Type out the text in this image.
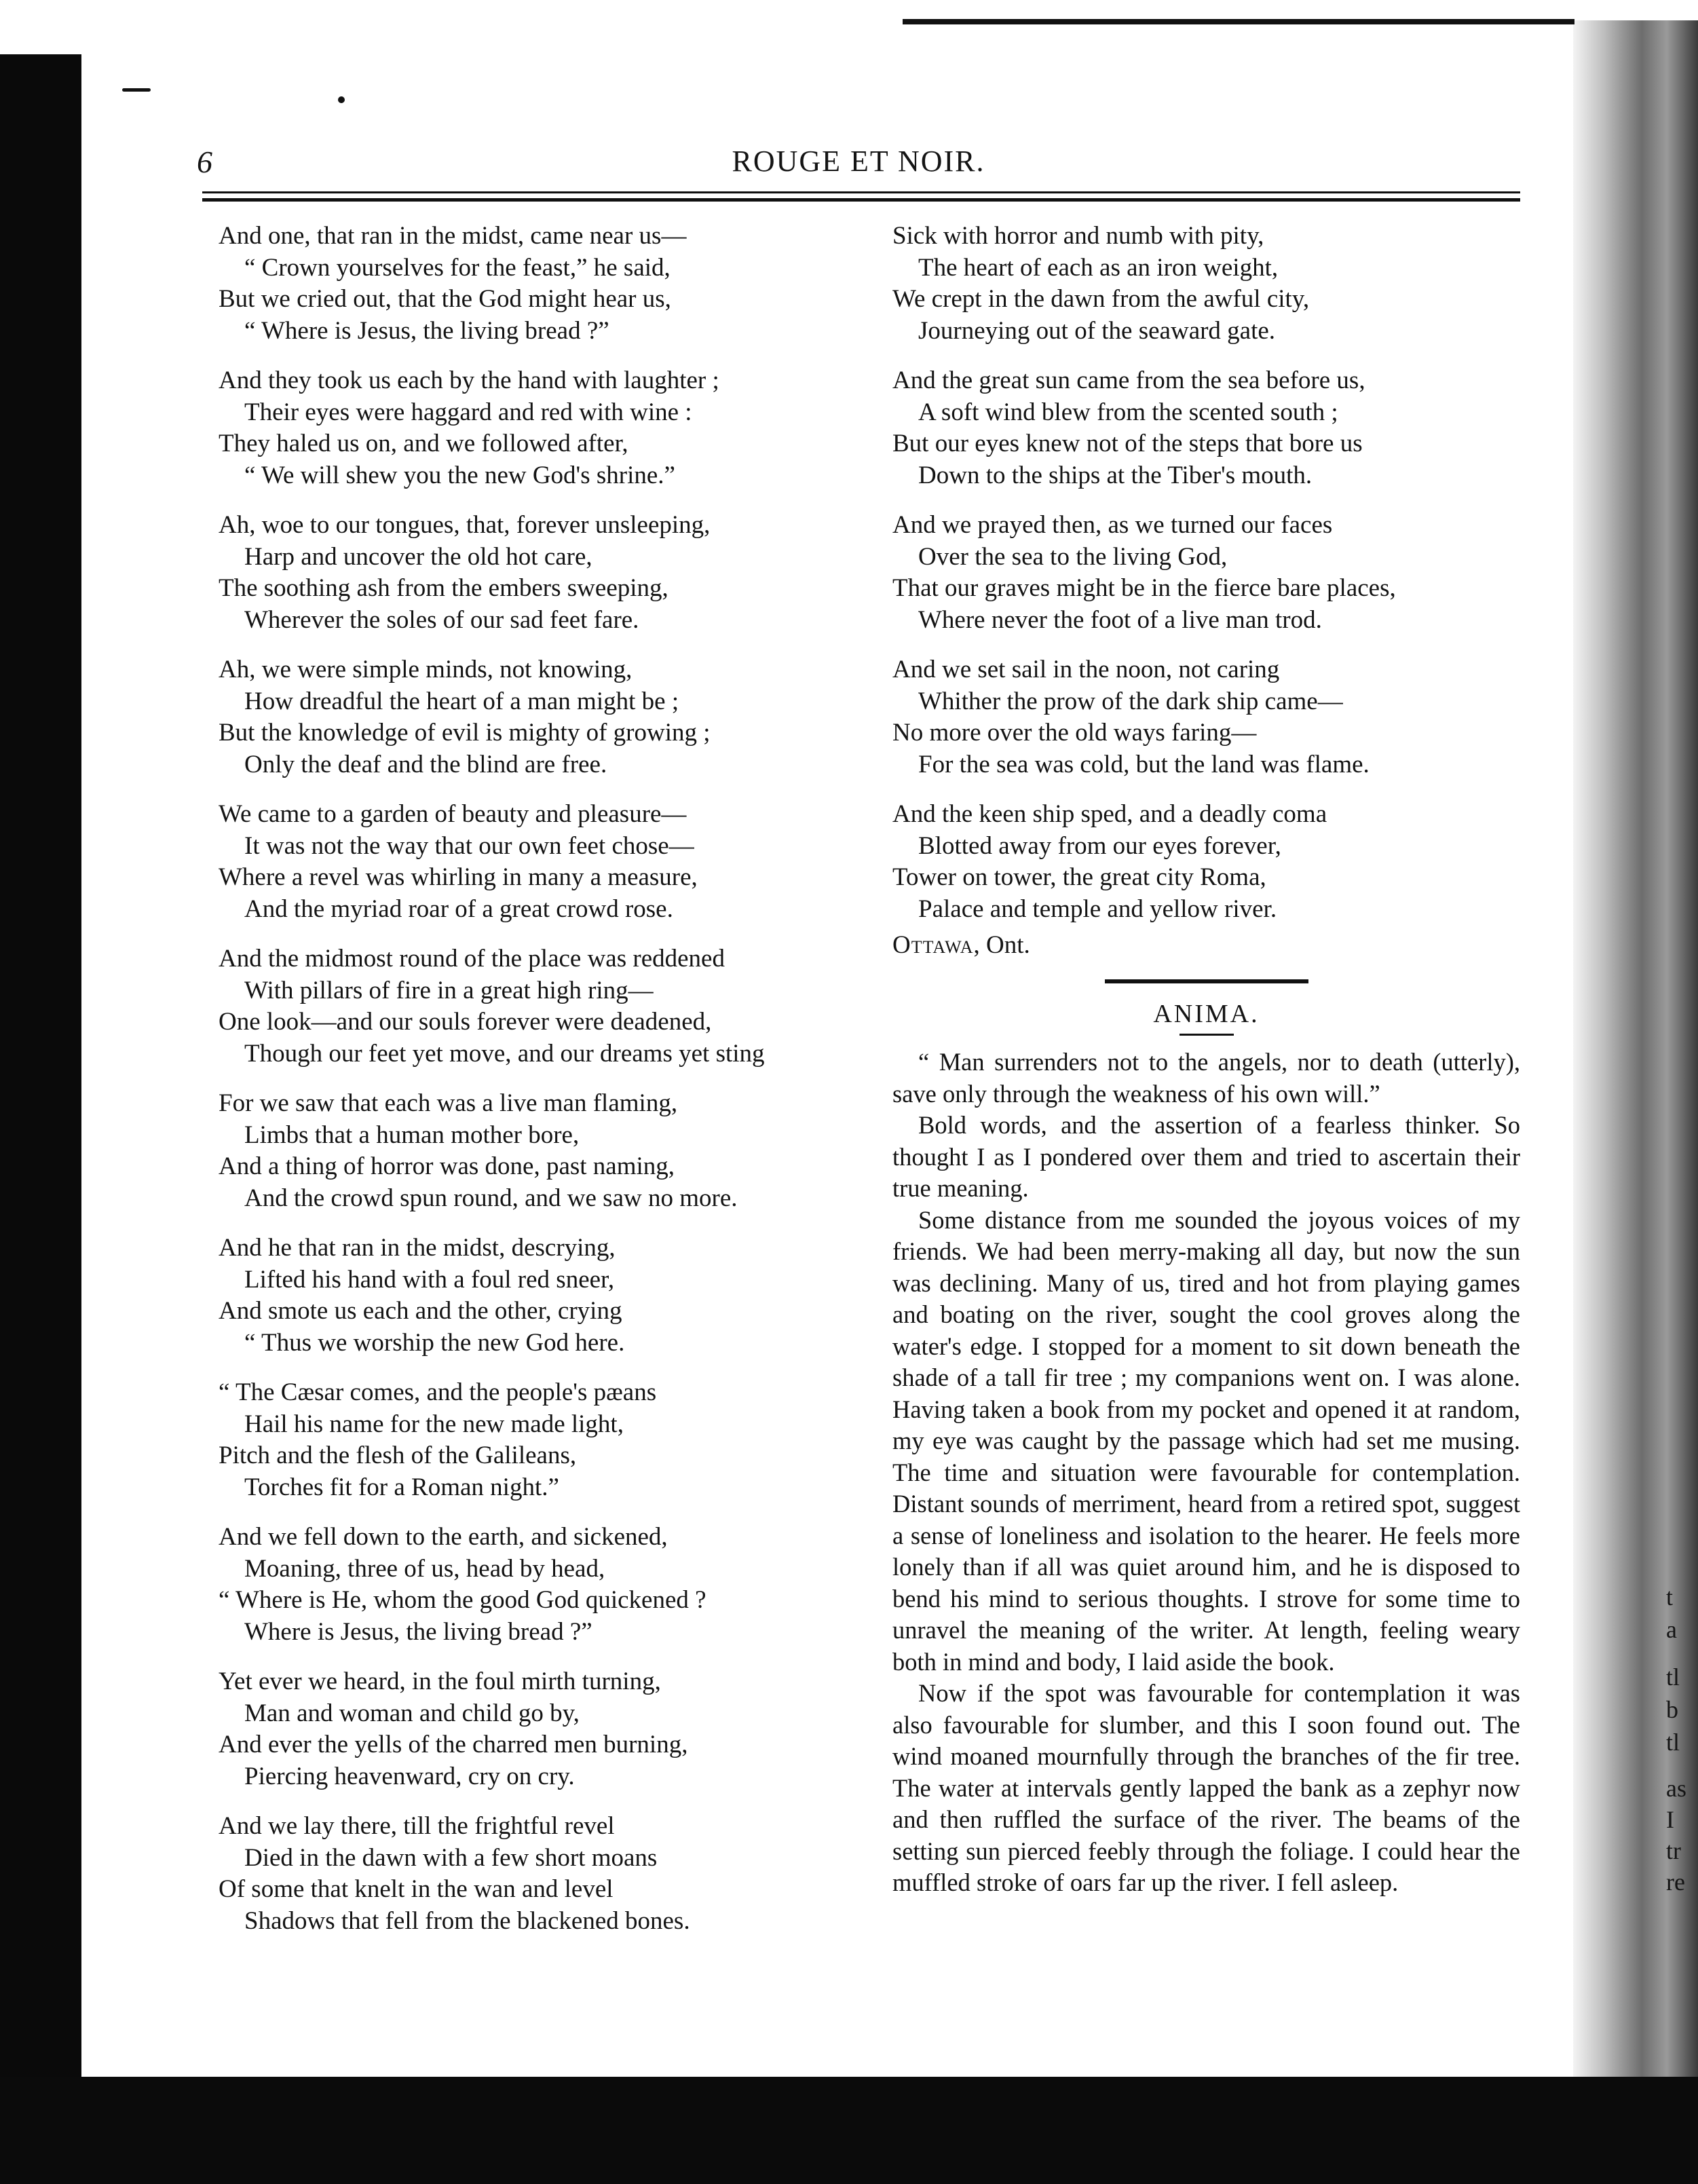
6	ROUGE ET NOIR.
And one, that ran in the midst, came near us—
“ Crown yourselves for the feast,” he said,
But we cried out, that the God might hear us,
“ Where is Jesus, the living bread ?”
And they took us each by the hand with laughter ;
Their eyes were haggard and red with wine :
They haled us on, and we followed after,
“ We will shew you the new God's shrine.”
Ah, woe to our tongues, that, forever unsleeping,
Harp and uncover the old hot care,
The soothing ash from the embers sweeping,
Wherever the soles of our sad feet fare.
Ah, we were simple minds, not knowing,
How dreadful the heart of a man might be ;
But the knowledge of evil is mighty of growing ;
Only the deaf and the blind are free.
We came to a garden of beauty and pleasure—
It was not the way that our own feet chose—
Where a revel was whirling in many a measure,
And the myriad roar of a great crowd rose.
And the midmost round of the place was reddened
With pillars of fire in a great high ring—
One look—and our souls forever were deadened,
Though our feet yet move, and our dreams yet sting
For we saw that each was a live man flaming,
Limbs that a human mother bore,
And a thing of horror was done, past naming,
And the crowd spun round, and we saw no more.
And he that ran in the midst, descrying,
Lifted his hand with a foul red sneer,
And smote us each and the other, crying
“ Thus we worship the new God here.
“ The Cæsar comes, and the people's pæans
Hail his name for the new made light,
Pitch and the flesh of the Galileans,
Torches fit for a Roman night.”
And we fell down to the earth, and sickened,
Moaning, three of us, head by head,
“ Where is He, whom the good God quickened ?
Where is Jesus, the living bread ?”
Yet ever we heard, in the foul mirth turning,
Man and woman and child go by,
And ever the yells of the charred men burning,
Piercing heavenward, cry on cry.
And we lay there, till the frightful revel
Died in the dawn with a few short moans
Of some that knelt in the wan and level
Shadows that fell from the blackened bones.
Sick with horror and numb with pity,
The heart of each as an iron weight,
We crept in the dawn from the awful city,
Journeying out of the seaward gate.
And the great sun came from the sea before us,
A soft wind blew from the scented south ;
But our eyes knew not of the steps that bore us
Down to the ships at the Tiber's mouth.
And we prayed then, as we turned our faces
Over the sea to the living God,
That our graves might be in the fierce bare places,
Where never the foot of a live man trod.
And we set sail in the noon, not caring
Whither the prow of the dark ship came—
No more over the old ways faring—
For the sea was cold, but the land was flame.
And the keen ship sped, and a deadly coma
Blotted away from our eyes forever,
Tower on tower, the great city Roma,
Palace and temple and yellow river.
Ottawa, Ont.
ANIMA.

“ Man surrenders not to the angels, nor to death (utterly), save only through the weakness of his own will.”

Bold words, and the assertion of a fearless thinker. So thought I as I pondered over them and tried to ascertain their true meaning.

Some distance from me sounded the joyous voices of my friends. We had been merry-making all day, but now the sun was declining. Many of us, tired and hot from playing games and boating on the river, sought the cool groves along the water's edge. I stopped for a moment to sit down beneath the shade of a tall fir tree ; my companions went on. I was alone. Having taken a book from my pocket and opened it at random, my eye was caught by the passage which had set me musing. The time and situation were favourable for contemplation. Distant sounds of merriment, heard from a retired spot, suggest a sense of loneliness and isolation to the hearer. He feels more lonely than if all was quiet around him, and he is disposed to bend his mind to serious thoughts. I strove for some time to unravel the meaning of the writer. At length, feeling weary both in mind and body, I laid aside the book.

Now if the spot was favourable for contemplation it was also favourable for slumber, and this I soon found out. The wind moaned mournfully through the branches of the fir tree. The water at intervals gently lapped the bank as a zephyr now and then ruffled the surface of the river. The beams of the setting sun pierced feebly through the foliage. I could hear the muffled stroke of oars far up the river. I fell asleep.

t
a
tl
b
tl
as
I
tr
re
